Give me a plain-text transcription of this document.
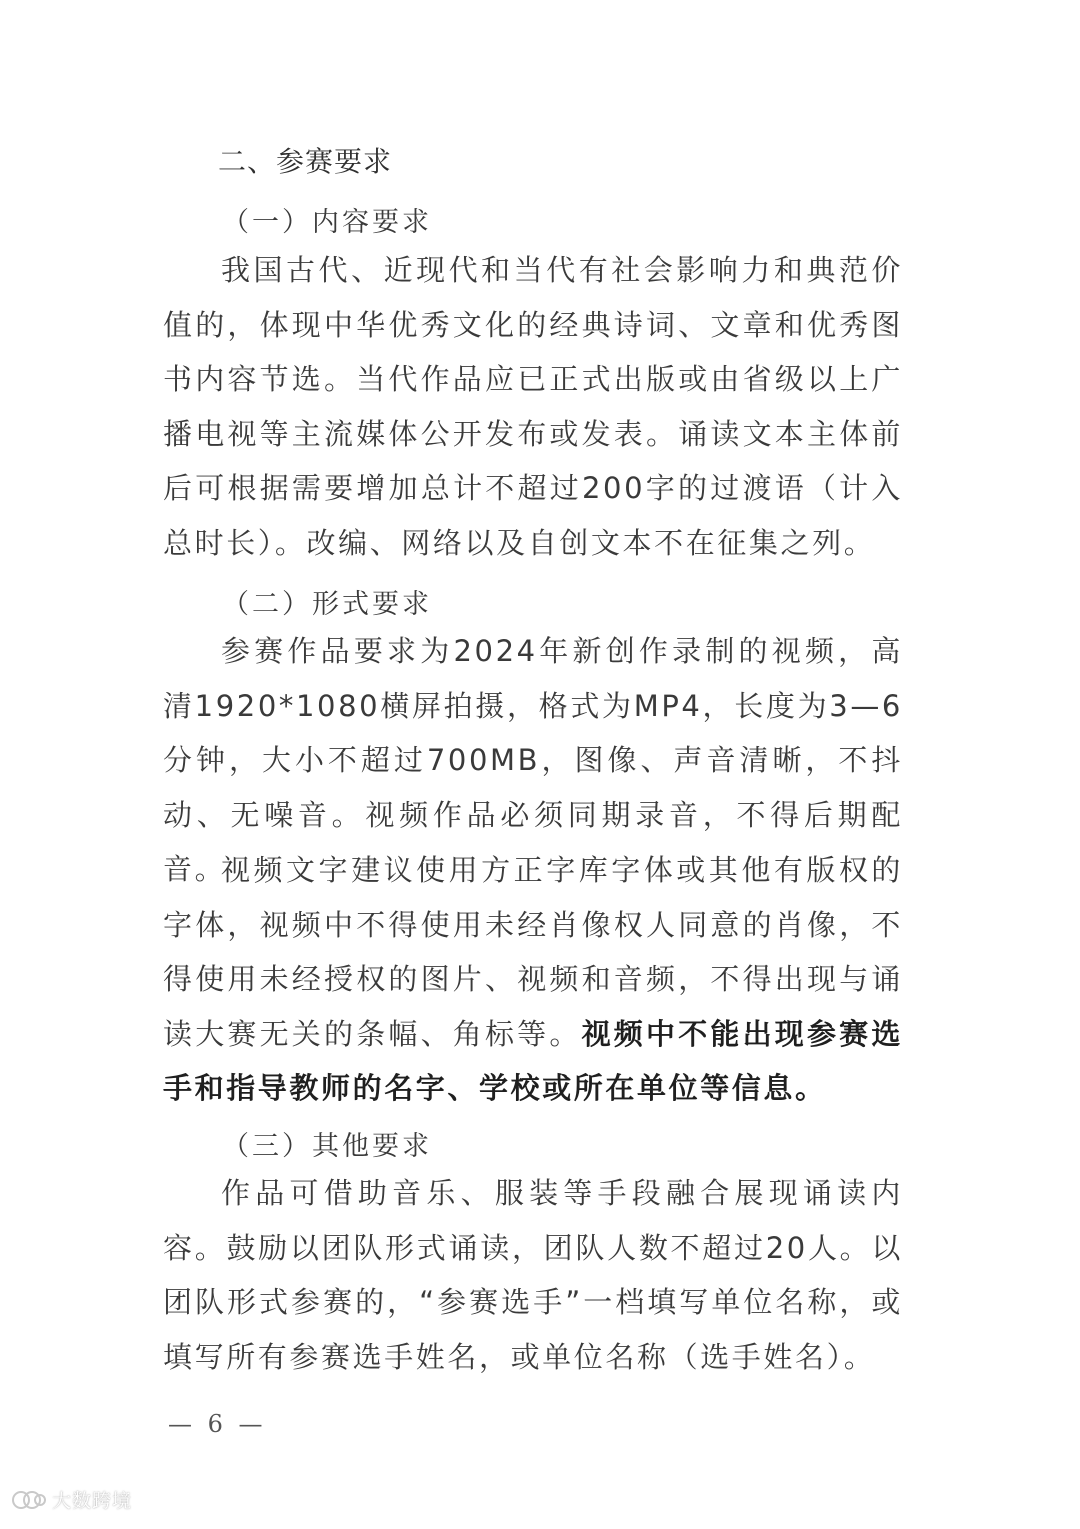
二、参赛要求
（一）内容要求
我国古代、近现代和当代有社会影响力和典范价值的，体现中华优秀文化的经典诗词、文章和优秀图书内容节选。当代作品应已正式出版或由省级以上广播电视等主流媒体公开发布或发表。诵读文本主体前后可根据需要增加总计不超过200字的过渡语（计入总时长）。改编、网络以及自创文本不在征集之列。
（二）形式要求
参赛作品要求为2024年新创作录制的视频，高清1920*1080横屏拍摄，格式为MP4，长度为3—6分钟，大小不超过700MB，图像、声音清晰，不抖动、无噪音。视频作品必须同期录音，不得后期配音。
视频文字建议使用方正字库字体或其他有版权的字体，视频中不得使用未经肖像权人同意的肖像，不得使用未经授权的图片、视频和音频，不得出现与诵读大赛无关的条幅、角标等。视频中不能出现参赛选手和指导教师的名字、学校或所在单位等信息。
（三）其他要求
作品可借助音乐、服装等手段融合展现诵读内容。鼓励以团队形式诵读，团队人数不超过20人。以团队形式参赛的，“参赛选手”一档填写单位名称，或填写所有参赛选手姓名，或单位名称（选手姓名）。
— 6 —
大数跨境
